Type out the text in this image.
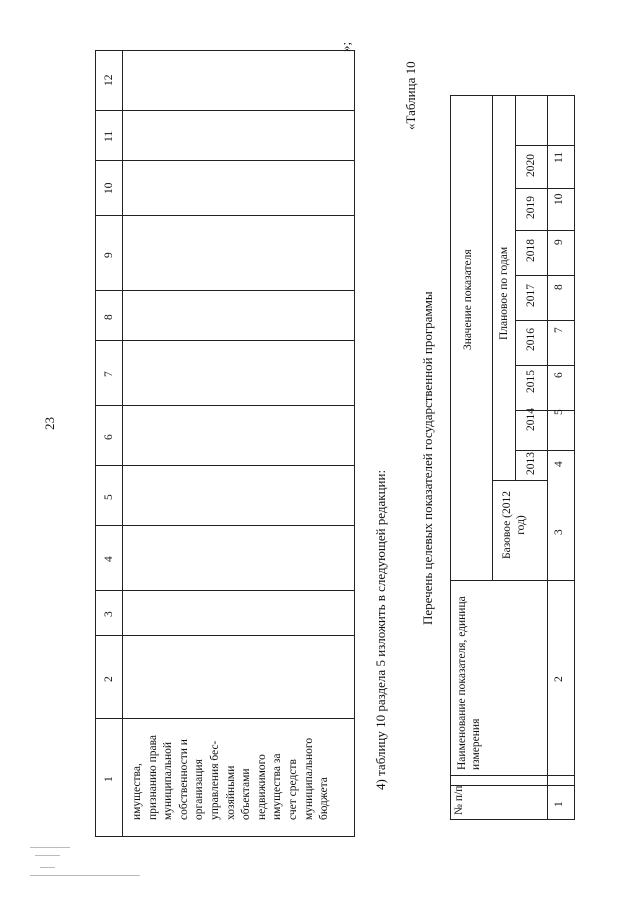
23
12
11
10
9
8
7
6
5
4
3
2
1 имущества, признанию права муниципальной собственности и организация управления бес- хозяйными объектами недвижимого имущества за счет средств муниципального бюджета
»;
4) таблицу 10 раздела 5 изложить в следующей редакции:
«Таблица 10
Перечень целевых показателей государственной программы
№ п/п
Наименование показателя, единица измерения
Значение показателя
Базовое (2012 год)
Плановое по годам
2013
2014
2015
2016
2017
2018
2019
2020
1
2
3
4
5
6
7
8
9
10
11
